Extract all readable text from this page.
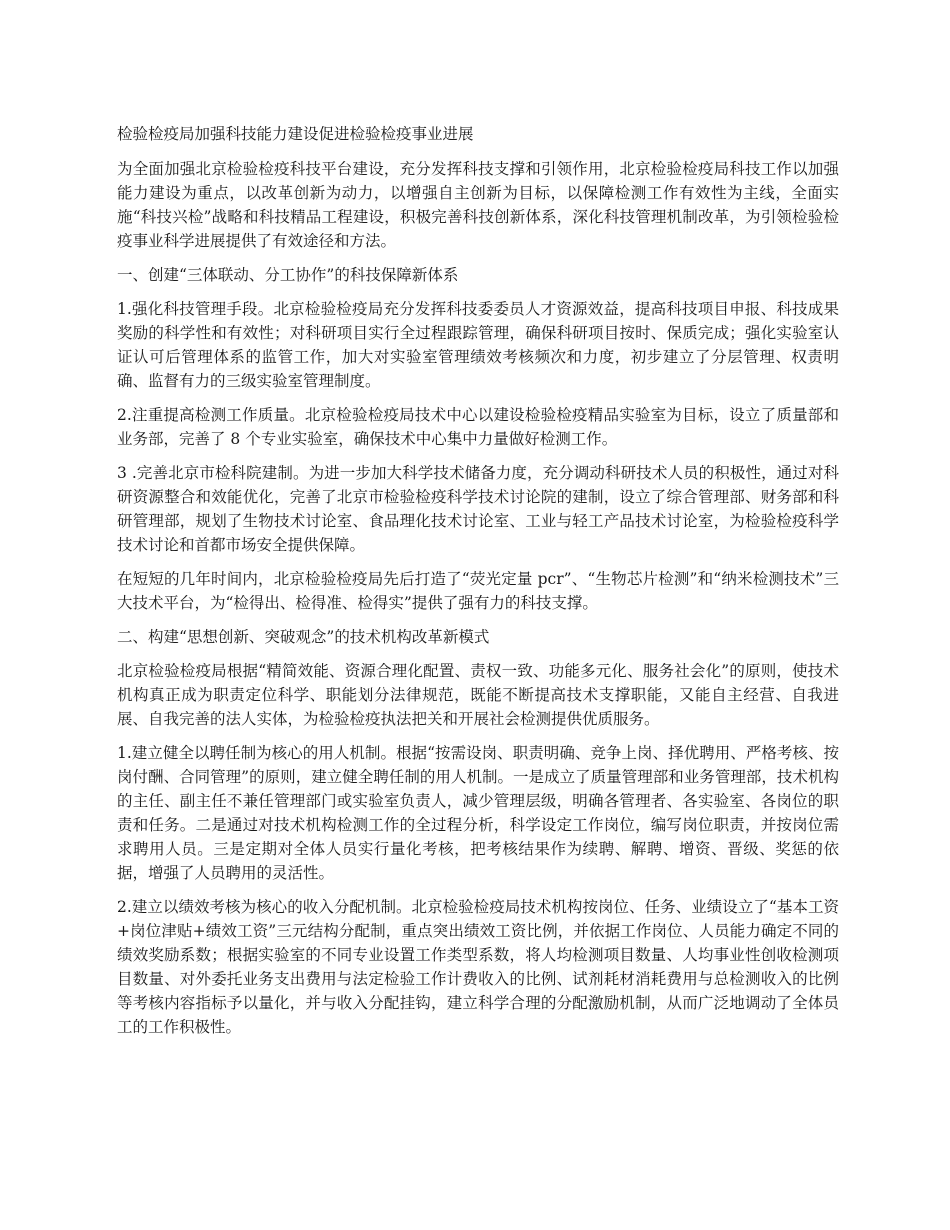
检验检疫局加强科技能力建设促进检验检疫事业进展

为全面加强北京检验检疫科技平台建设，充分发挥科技支撑和引领作用，北京检验检疫局科技工作以加强能力建设为重点，以改革创新为动力，以增强自主创新为目标，以保障检测工作有效性为主线，全面实施“科技兴检”战略和科技精品工程建设，积极完善科技创新体系，深化科技管理机制改革，为引领检验检疫事业科学进展提供了有效途径和方法。

一、创建“三体联动、分工协作”的科技保障新体系

1.强化科技管理手段。北京检验检疫局充分发挥科技委委员人才资源效益，提高科技项目申报、科技成果奖励的科学性和有效性；对科研项目实行全过程跟踪管理，确保科研项目按时、保质完成；强化实验室认证认可后管理体系的监管工作，加大对实验室管理绩效考核频次和力度，初步建立了分层管理、权责明确、监督有力的三级实验室管理制度。

2.注重提高检测工作质量。北京检验检疫局技术中心以建设检验检疫精品实验室为目标，设立了质量部和业务部，完善了 8 个专业实验室，确保技术中心集中力量做好检测工作。

3 .完善北京市检科院建制。为进一步加大科学技术储备力度，充分调动科研技术人员的积极性，通过对科研资源整合和效能优化，完善了北京市检验检疫科学技术讨论院的建制，设立了综合管理部、财务部和科研管理部，规划了生物技术讨论室、食品理化技术讨论室、工业与轻工产品技术讨论室，为检验检疫科学技术讨论和首都市场安全提供保障。

在短短的几年时间内，北京检验检疫局先后打造了“荧光定量 pcr”、“生物芯片检测”和“纳米检测技术”三大技术平台，为“检得出、检得准、检得实”提供了强有力的科技支撑。

二、构建“思想创新、突破观念”的技术机构改革新模式

北京检验检疫局根据“精简效能、资源合理化配置、责权一致、功能多元化、服务社会化”的原则，使技术机构真正成为职责定位科学、职能划分法律规范，既能不断提高技术支撑职能，又能自主经营、自我进展、自我完善的法人实体，为检验检疫执法把关和开展社会检测提供优质服务。

1.建立健全以聘任制为核心的用人机制。根据“按需设岗、职责明确、竞争上岗、择优聘用、严格考核、按岗付酬、合同管理”的原则，建立健全聘任制的用人机制。一是成立了质量管理部和业务管理部，技术机构的主任、副主任不兼任管理部门或实验室负责人，减少管理层级，明确各管理者、各实验室、各岗位的职责和任务。二是通过对技术机构检测工作的全过程分析，科学设定工作岗位，编写岗位职责，并按岗位需求聘用人员。三是定期对全体人员实行量化考核，把考核结果作为续聘、解聘、增资、晋级、奖惩的依据，增强了人员聘用的灵活性。

2.建立以绩效考核为核心的收入分配机制。北京检验检疫局技术机构按岗位、任务、业绩设立了“基本工资+岗位津贴+绩效工资”三元结构分配制，重点突出绩效工资比例，并依据工作岗位、人员能力确定不同的绩效奖励系数；根据实验室的不同专业设置工作类型系数，将人均检测项目数量、人均事业性创收检测项目数量、对外委托业务支出费用与法定检验工作计费收入的比例、试剂耗材消耗费用与总检测收入的比例等考核内容指标予以量化，并与收入分配挂钩，建立科学合理的分配激励机制，从而广泛地调动了全体员工的工作积极性。
